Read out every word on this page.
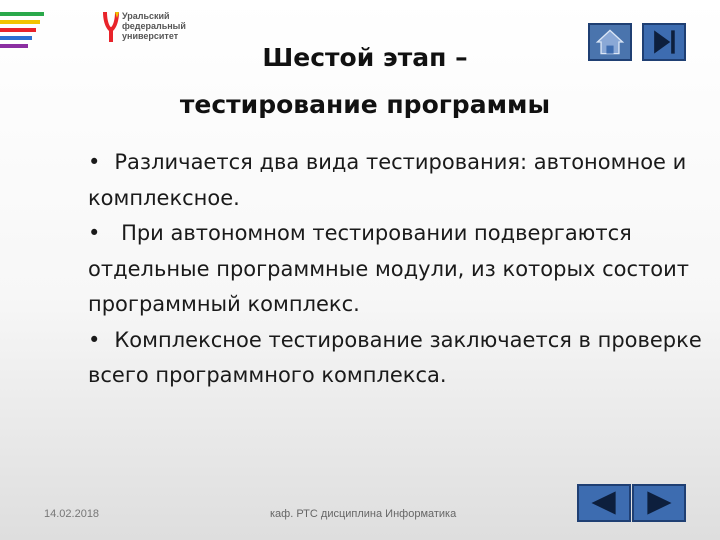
Уральский
федеральный
университет
Шестой этап –
тестирование программы

• Различается два вида тестирования: автономное и комплексное.

• При автономном тестировании подвергаются отдельные программные модули, из которых состоит программный комплекс.

• Комплексное тестирование заключается в проверке всего программного комплекса.

14.02.2018	каф. РТС дисциплина Информатика
